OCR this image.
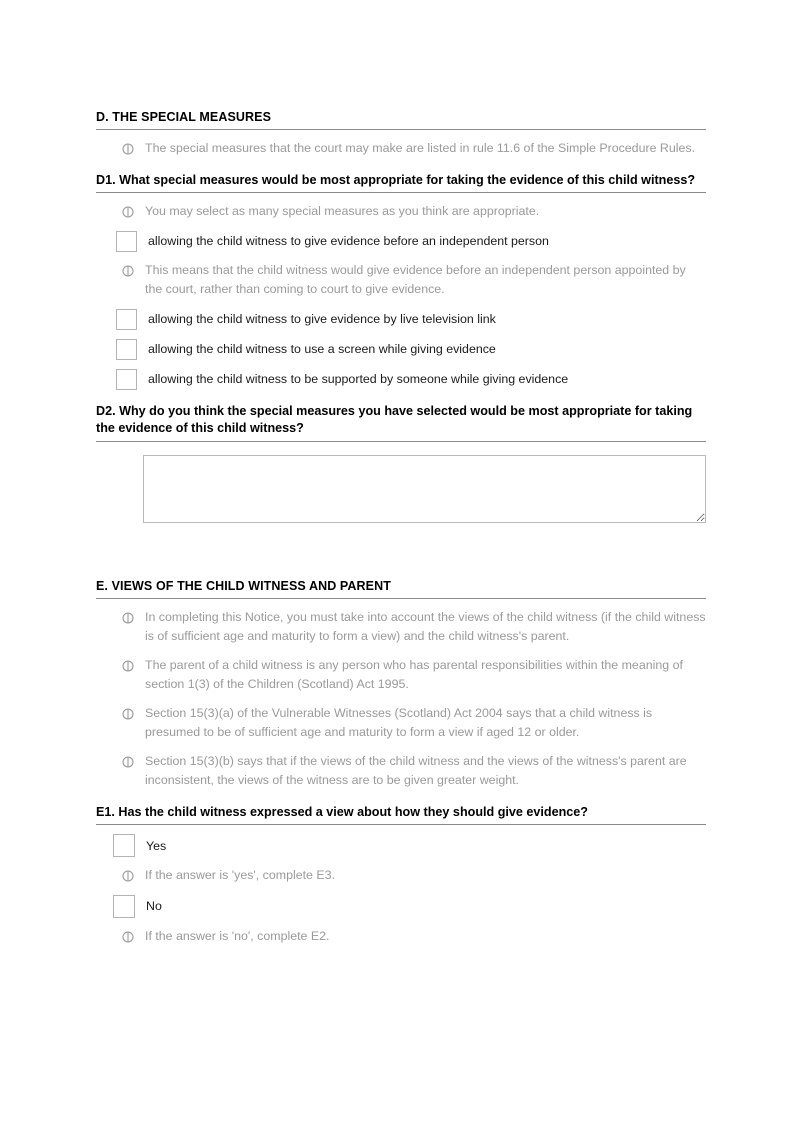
D. THE SPECIAL MEASURES
The special measures that the court may make are listed in rule 11.6 of the Simple Procedure Rules.
D1. What special measures would be most appropriate for taking the evidence of this child witness?
You may select as many special measures as you think are appropriate.
allowing the child witness to give evidence before an independent person
This means that the child witness would give evidence before an independent person appointed by the court, rather than coming to court to give evidence.
allowing the child witness to give evidence by live television link
allowing the child witness to use a screen while giving evidence
allowing the child witness to be supported by someone while giving evidence
D2. Why do you think the special measures you have selected would be most appropriate for taking the evidence of this child witness?
E. VIEWS OF THE CHILD WITNESS AND PARENT
In completing this Notice, you must take into account the views of the child witness (if the child witness is of sufficient age and maturity to form a view) and the child witness's parent.
The parent of a child witness is any person who has parental responsibilities within the meaning of section 1(3) of the Children (Scotland) Act 1995.
Section 15(3)(a) of the Vulnerable Witnesses (Scotland) Act 2004 says that a child witness is presumed to be of sufficient age and maturity to form a view if aged 12 or older.
Section 15(3)(b) says that if the views of the child witness and the views of the witness's parent are inconsistent, the views of the witness are to be given greater weight.
E1. Has the child witness expressed a view about how they should give evidence?
Yes
If the answer is 'yes', complete E3.
No
If the answer is 'no', complete E2.
